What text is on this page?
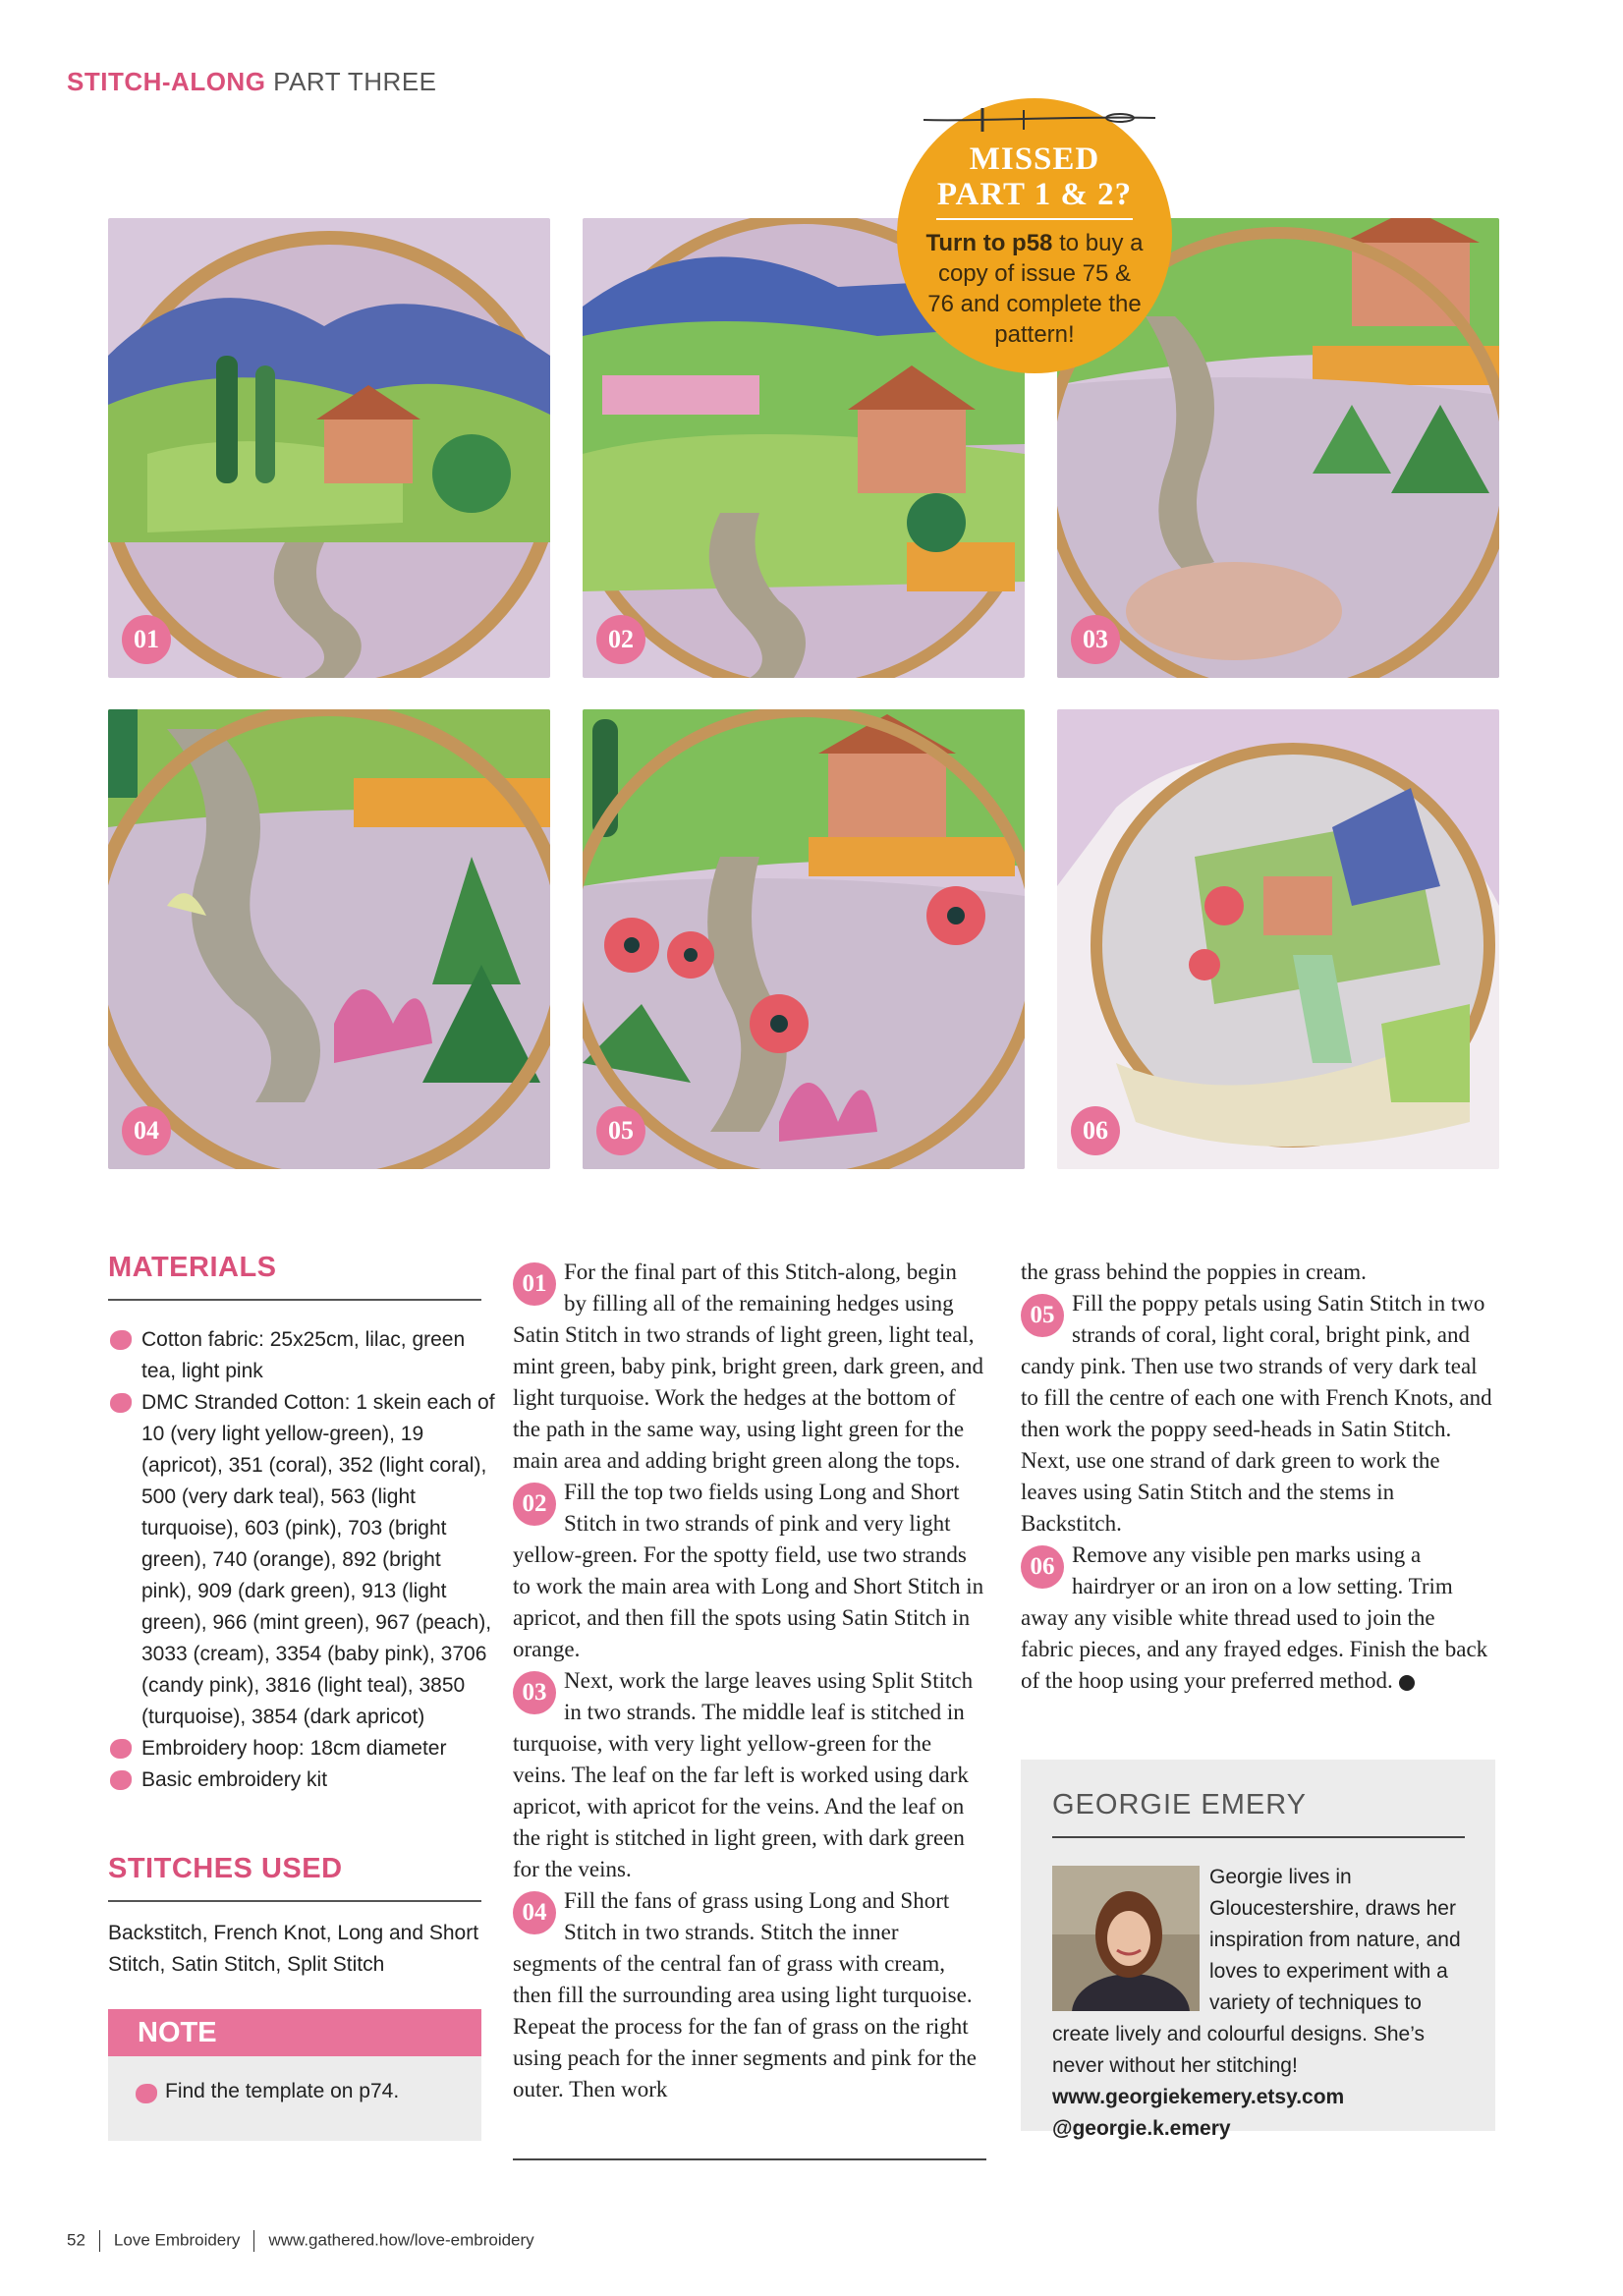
STITCH-ALONG PART THREE
MISSED
PART 1 & 2?
Turn to p58 to buy a copy of issue 75 & 76 and complete the pattern!
01	02	03
04	05	06
MATERIALS
Cotton fabric: 25x25cm, lilac, green tea, light pink
DMC Stranded Cotton: 1 skein each of 10 (very light yellow-green), 19 (apricot), 351 (coral), 352 (light coral), 500 (very dark teal), 563 (light turquoise), 603 (pink), 703 (bright green), 740 (orange), 892 (bright pink), 909 (dark green), 913 (light green), 966 (mint green), 967 (peach), 3033 (cream), 3354 (baby pink), 3706 (candy pink), 3816 (light teal), 3850 (turquoise), 3854 (dark apricot)
Embroidery hoop: 18cm diameter
Basic embroidery kit
STITCHES USED
Backstitch, French Knot, Long and Short Stitch, Satin Stitch, Split Stitch
NOTE
Find the template on p74.
01 For the final part of this Stitch-along, begin by filling all of the remaining hedges using Satin Stitch in two strands of light green, light teal, mint green, baby pink, bright green, dark green, and light turquoise. Work the hedges at the bottom of the path in the same way, using light green for the main area and adding bright green along the tops.
02 Fill the top two fields using Long and Short Stitch in two strands of pink and very light yellow-green. For the spotty field, use two strands to work the main area with Long and Short Stitch in apricot, and then fill the spots using Satin Stitch in orange.
03 Next, work the large leaves using Split Stitch in two strands. The middle leaf is stitched in turquoise, with very light yellow-green for the veins. The leaf on the far left is worked using dark apricot, with apricot for the veins. And the leaf on the right is stitched in light green, with dark green for the veins.
04 Fill the fans of grass using Long and Short Stitch in two strands. Stitch the inner segments of the central fan of grass with cream, then fill the surrounding area using light turquoise. Repeat the process for the fan of grass on the right using peach for the inner segments and pink for the outer. Then work
the grass behind the poppies in cream.
05 Fill the poppy petals using Satin Stitch in two strands of coral, light coral, bright pink, and candy pink. Then use two strands of very dark teal to fill the centre of each one with French Knots, and then work the poppy seed-heads in Satin Stitch. Next, use one strand of dark green to work the leaves using Satin Stitch and the stems in Backstitch.
06 Remove any visible pen marks using a hairdryer or an iron on a low setting. Trim away any visible white thread used to join the fabric pieces, and any frayed edges. Finish the back of the hoop using your preferred method.
GEORGIE EMERY
Georgie lives in Gloucestershire, draws her inspiration from nature, and loves to experiment with a variety of techniques to create lively and colourful designs. She’s never without her stitching!
www.georgiekemery.etsy.com
@georgie.k.emery
52 Love Embroidery www.gathered.how/love-embroidery
